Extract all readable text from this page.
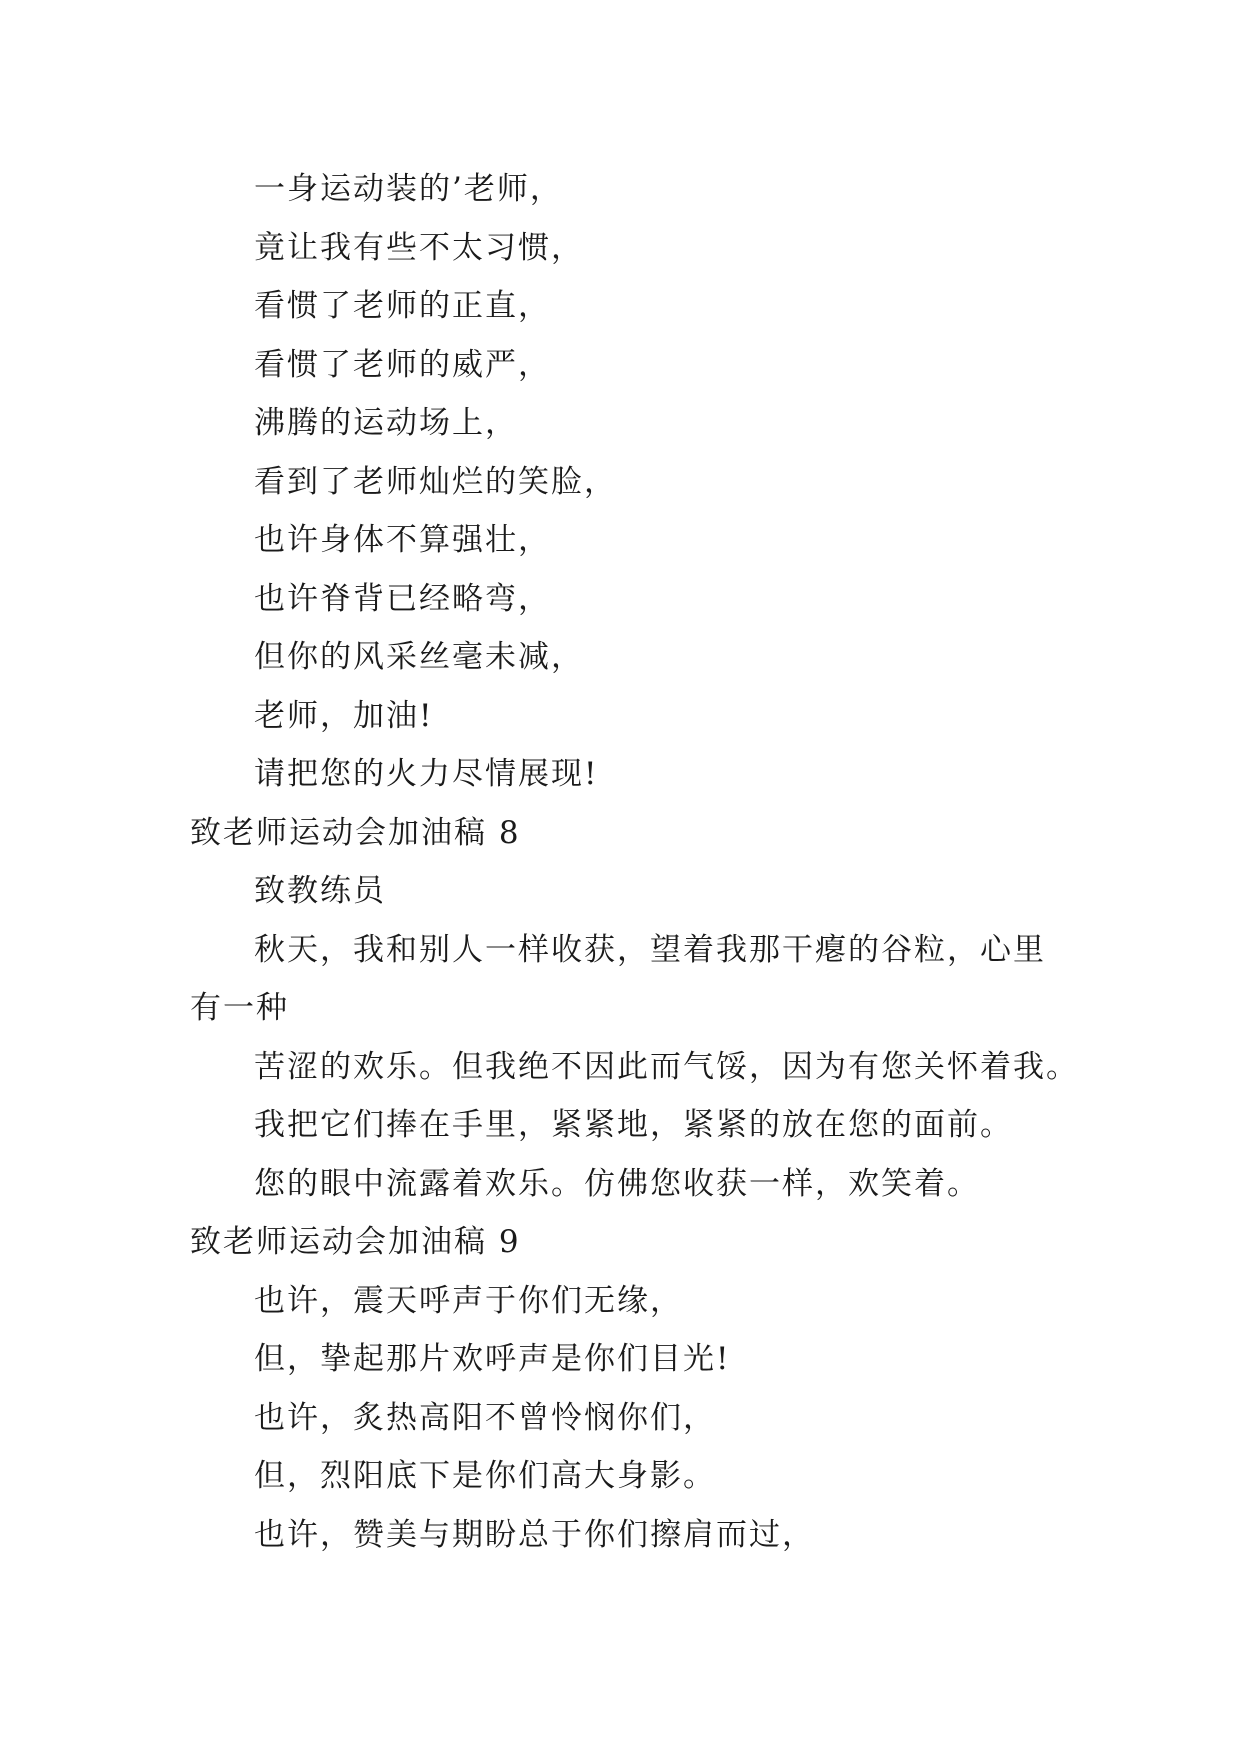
一身运动装的’老师，
竟让我有些不太习惯，
看惯了老师的正直，
看惯了老师的威严，
沸腾的运动场上，
看到了老师灿烂的笑脸，
也许身体不算强壮，
也许脊背已经略弯，
但你的风采丝毫未减，
老师，加油!
请把您的火力尽情展现!
致老师运动会加油稿 8
致教练员
秋天，我和别人一样收获，望着我那干瘪的谷粒，心里
有一种
苦涩的欢乐。但我绝不因此而气馁，因为有您关怀着我。
我把它们捧在手里，紧紧地，紧紧的放在您的面前。
您的眼中流露着欢乐。仿佛您收获一样，欢笑着。
致老师运动会加油稿 9
也许，震天呼声于你们无缘，
但，挚起那片欢呼声是你们目光!
也许，炙热高阳不曾怜悯你们，
但，烈阳底下是你们高大身影。
也许，赞美与期盼总于你们擦肩而过，
